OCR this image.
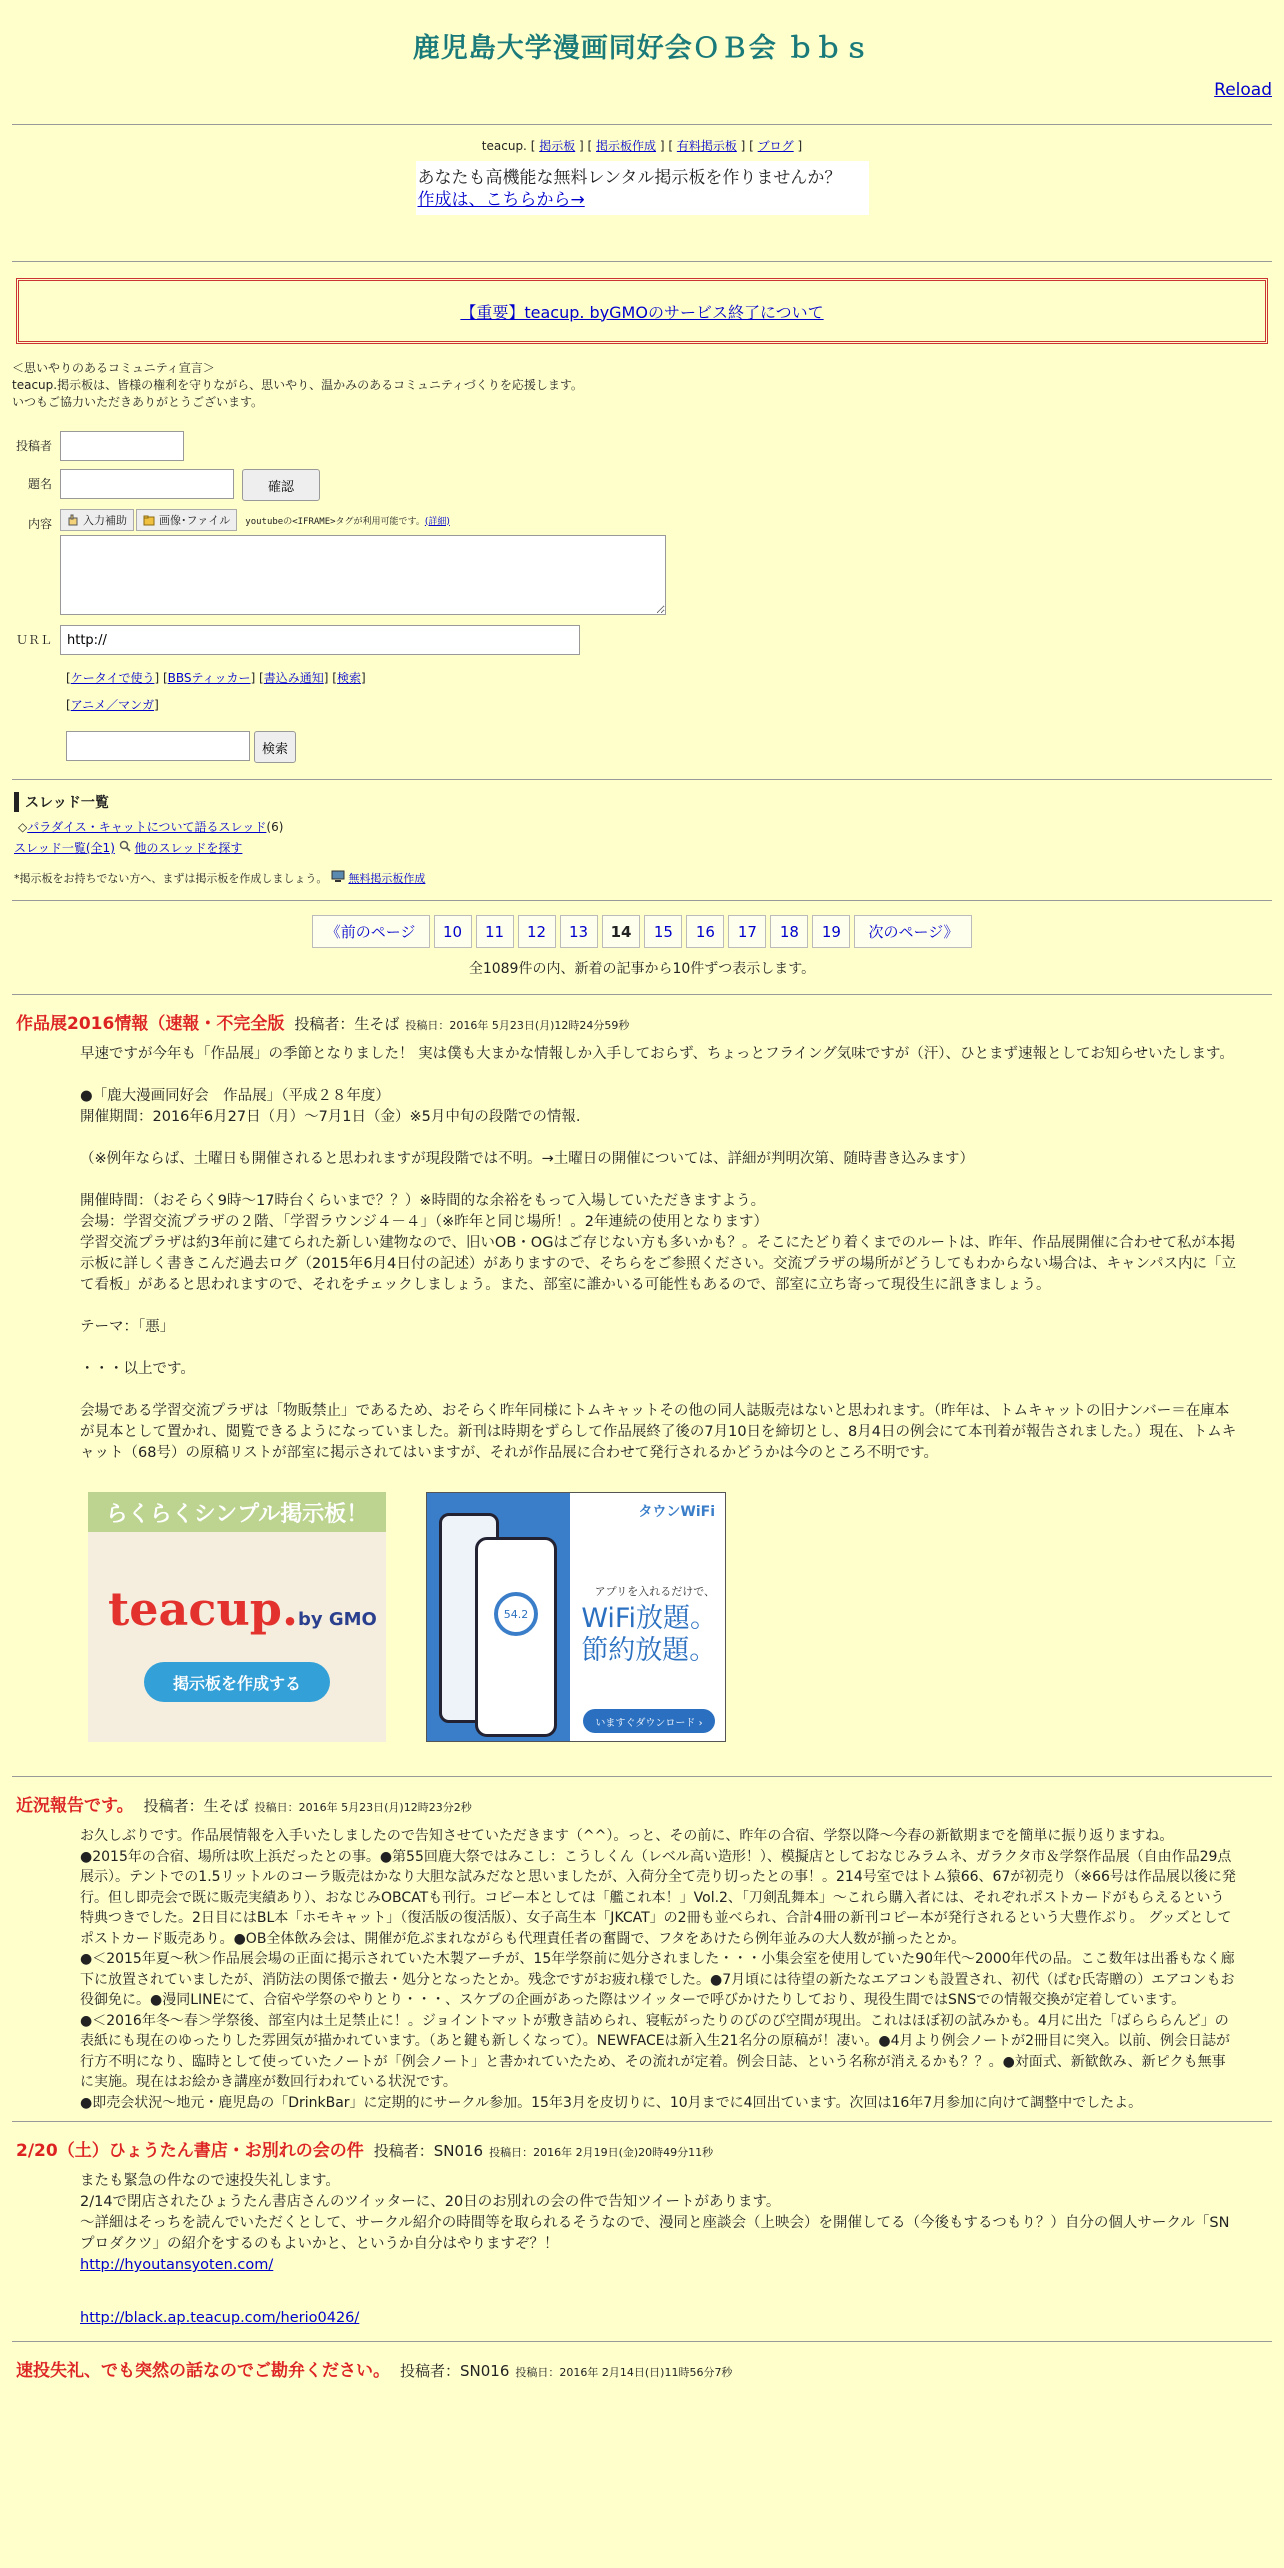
鹿児島大学漫画同好会ＯＢ会 ｂｂｓ
Reload
teacup. [ 掲示板 ] [ 掲示板作成 ] [ 有料掲示板 ] [ ブログ ]
あなたも高機能な無料レンタル掲示板を作りませんか？
作成は、こちらから→
【重要】teacup. byGMOのサービス終了について
＜思いやりのあるコミュニティ宣言＞
teacup.掲示板は、皆様の権利を守りながら、思いやり、温かみのあるコミュニティづくりを応援します。
いつもご協力いただきありがとうございます。
投稿者
題名	確認
内容	入力補助	画像･ファイル youtubeの<IFRAME>タグが利用可能です。 (詳細)
ＵＲＬ
http://
[ケータイで使う] [BBSティッカー] [書込み通知] [検索]
[アニメ／マンガ]
検索
スレッド一覧
◇パラダイス・キャットについて語るスレッド(6)
スレッド一覧(全1) 他のスレッドを探す
*掲示板をお持ちでない方へ、まずは掲示板を作成しましょう。 無料掲示板作成
《前のページ	10	11	12	13	14	15	16	17	18	19	次のページ》
全1089件の内、新着の記事から10件ずつ表示します。
作品展2016情報（速報・不完全版 投稿者：生そば 投稿日：2016年 5月23日(月)12時24分59秒

早速ですが今年も「作品展」の季節となりました！ 実は僕も大まかな情報しか入手しておらず、ちょっとフライング気味ですが（汗）、ひとまず速報としてお知らせいたします。

●「鹿大漫画同好会　作品展」（平成２８年度）
開催期間：2016年6月27日（月）～7月1日（金）※5月中旬の段階での情報.

（※例年ならば、土曜日も開催されると思われますが現段階では不明。→土曜日の開催については、詳細が判明次第、随時書き込みます）

開催時間：（おそらく9時～17時台くらいまで？？）※時間的な余裕をもって入場していただきますよう。
会場：学習交流プラザの２階、「学習ラウンジ４－４」（※昨年と同じ場所！。2年連続の使用となります）
学習交流プラザは約3年前に建てられた新しい建物なので、旧いOB・OGはご存じない方も多いかも？。そこにたどり着くまでのルートは、昨年、作品展開催に合わせて私が本掲示板に詳しく書きこんだ過去ログ（2015年6月4日付の記述）がありますので、そちらをご参照ください。交流プラザの場所がどうしてもわからない場合は、キャンパス内に「立て看板」があると思われますので、それをチェックしましょう。また、部室に誰かいる可能性もあるので、部室に立ち寄って現役生に訊きましょう。

テーマ：「悪」

・・・以上です。

会場である学習交流プラザは「物販禁止」であるため、おそらく昨年同様にトムキャットその他の同人誌販売はないと思われます。（昨年は、トムキャットの旧ナンバー＝在庫本が見本として置かれ、閲覧できるようになっていました。新刊は時期をずらして作品展終了後の7月10日を締切とし、8月4日の例会にて本刊着が報告されました。）現在、トムキャット（68号）の原稿リストが部室に掲示されてはいますが、それが作品展に合わせて発行されるかどうかは今のところ不明です。

らくらくシンプル掲示板！
teacup.by GMO
掲示板を作成する
54.2
タウンWiFi
アプリを入れるだけで、
WiFi放題。
節約放題。
いますぐダウンロード ›
近況報告です。 投稿者：生そば 投稿日：2016年 5月23日(月)12時23分2秒

お久しぶりです。作品展情報を入手いたしましたので告知させていただきます（^^）。っと、その前に、昨年の合宿、学祭以降～今春の新歓期までを簡単に振り返りますね。
●2015年の合宿、場所は吹上浜だったとの事。●第55回鹿大祭ではみこし：こうしくん（レベル高い造形！）、模擬店としておなじみラムネ、ガラクタ市＆学祭作品展（自由作品29点展示）。テントでの1.5リットルのコーラ販売はかなり大胆な試みだなと思いましたが、入荷分全て売り切ったとの事！。214号室ではトム猿66、67が初売り（※66号は作品展以後に発行。但し即売会で既に販売実績あり）、おなじみOBCATも刊行。コピー本としては「艦これ本！」Vol.2、「刀剣乱舞本」～これら購入者には、それぞれポストカードがもらえるという特典つきでした。2日目にはBL本「ホモキャット」（復活版の復活版）、女子高生本「JKCAT」の2冊も並べられ、合計4冊の新刊コピー本が発行されるという大豊作ぶり。 グッズとしてポストカード販売あり。●OB全体飲み会は、開催が危ぶまれながらも代理責任者の奮闘で、フタをあけたら例年並みの大人数が揃ったとか。
●＜2015年夏～秋＞作品展会場の正面に掲示されていた木製アーチが、15年学祭前に処分されました・・・小集会室を使用していた90年代～2000年代の品。ここ数年は出番もなく廊下に放置されていましたが、消防法の関係で撤去・処分となったとか。残念ですがお疲れ様でした。●7月頃には待望の新たなエアコンも設置され、初代（ぱむ氏寄贈の）エアコンもお役御免に。●漫同LINEにて、合宿や学祭のやりとり・・・、スケブの企画があった際はツイッターで呼びかけたりしており、現役生間ではSNSでの情報交換が定着しています。
●＜2016年冬～春＞学祭後、部室内は土足禁止に！。ジョイントマットが敷き詰められ、寝転がったりのびのび空間が現出。これはほぼ初の試みかも。4月に出た「ばらららんど」の表紙にも現在のゆったりした雰囲気が描かれています。（あと鍵も新しくなって）。NEWFACEは新入生21名分の原稿が！凄い。●4月より例会ノートが2冊目に突入。以前、例会日誌が行方不明になり、臨時として使っていたノートが「例会ノート」と書かれていたため、その流れが定着。例会日誌、という名称が消えるかも？？。●対面式、新歓飲み、新ピクも無事に実施。現在はお絵かき講座が数回行われている状況です。
●即売会状況～地元・鹿児島の「DrinkBar」に定期的にサークル参加。15年3月を皮切りに、10月までに4回出ています。次回は16年7月参加に向けて調整中でしたよ。

2/20（土）ひょうたん書店・お別れの会の件 投稿者：SN016 投稿日：2016年 2月19日(金)20時49分11秒

またも緊急の件なので速投失礼します。
2/14で閉店されたひょうたん書店さんのツイッターに、20日のお別れの会の件で告知ツイートがあります。
～詳細はそっちを読んでいただくとして、サークル紹介の時間等を取られるそうなので、漫同と座談会（上映会）を開催してる（今後もするつもり？）自分の個人サークル「SNプロダクツ」の紹介をするのもよいかと、というか自分はやりますぞ？！

http://hyoutansyoten.com/
http://black.ap.teacup.com/herio0426/
速投失礼、でも突然の話なのでご勘弁ください。 投稿者：SN016 投稿日：2016年 2月14日(日)11時56分7秒
